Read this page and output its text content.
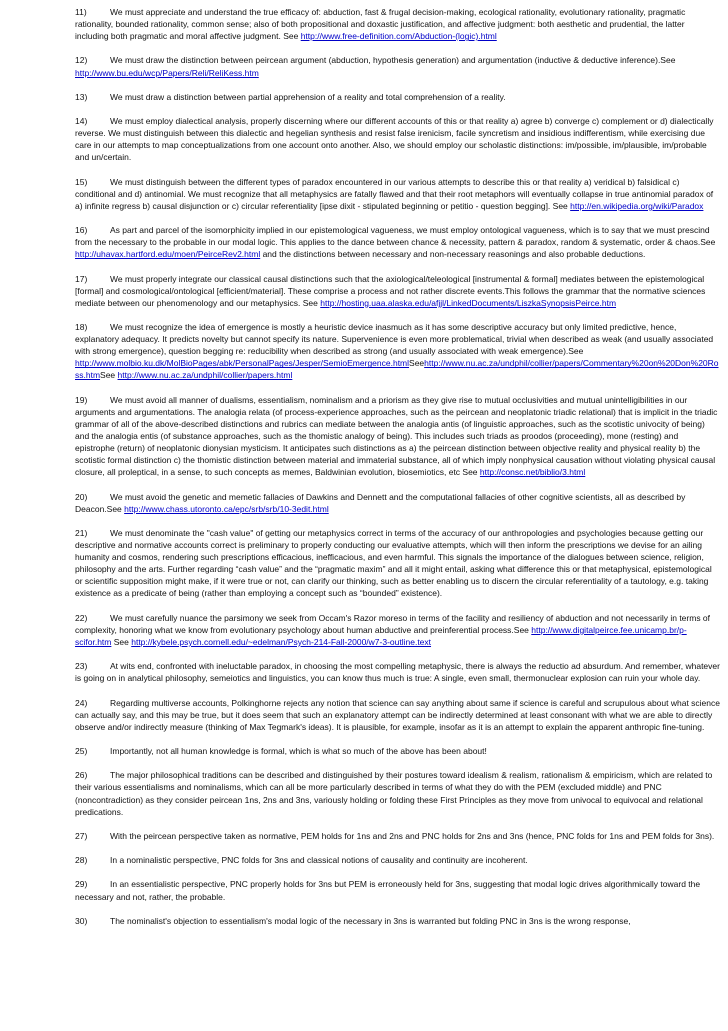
11)	We must appreciate and understand the true efficacy of: abduction, fast & frugal decision-making, ecological rationality, evolutionary rationality, pragmatic rationality, bounded rationality, common sense; also of both propositional and doxastic justification, and affective judgment: both aesthetic and prudential, the latter including both pragmatic and moral affective judgment. See http://www.free-definition.com/Abduction-(logic).html

12)	We must draw the distinction between peircean argument (abduction, hypothesis generation) and argumentation (inductive & deductive inference).See http://www.bu.edu/wcp/Papers/Reli/ReliKess.htm

13)	We must draw a distinction between partial apprehension of a reality and total comprehension of a reality.

14)	We must employ dialectical analysis, properly discerning where our different accounts of this or that reality a) agree b) converge c) complement or d) dialectically reverse. We must distinguish between this dialectic and hegelian synthesis and resist false irenicism, facile syncretism and insidious indifferentism, while exercising due care in our attempts to map conceptualizations from one account onto another. Also, we should employ our scholastic distinctions: im/possible, im/plausible, im/probable and un/certain.

15)	We must distinguish between the different types of paradox encountered in our various attempts to describe this or that reality a) veridical b) falsidical c) conditional and d) antinomial. We must recognize that all metaphysics are fatally flawed and that their root metaphors will eventually collapse in true antinomial paradox of a) infinite regress b) causal disjunction or c) circular referentiality [ipse dixit - stipulated beginning or petitio - question begging]. See http://en.wikipedia.org/wiki/Paradox

16)	As part and parcel of the isomorphicity implied in our epistemological vagueness, we must employ ontological vagueness, which is to say that we must prescind from the necessary to the probable in our modal logic. This applies to the dance between chance & necessity, pattern & paradox, random & systematic, order & chaos.See http://uhavax.hartford.edu/moen/PeirceRev2.html and the distinctions between necessary and non-necessary reasonings and also probable deductions.

17)	We must properly integrate our classical causal distinctions such that the axiological/teleological [instrumental & formal] mediates between the epistemological [formal] and cosmological/ontological [efficient/material]. These comprise a process and not rather discrete events.This follows the grammar that the normative sciences mediate between our phenomenology and our metaphysics. See http://hosting.uaa.alaska.edu/afjjl/LinkedDocuments/LiszkaSynopsisPeirce.htm

18)	We must recognize the idea of emergence is mostly a heuristic device inasmuch as it has some descriptive accuracy but only limited predictive, hence, explanatory adequacy. It predicts novelty but cannot specify its nature. Supervenience is even more problematical, trivial when described as weak (and usually associated with strong emergence), question begging re: reducibility when described as strong (and usually associated with weak emergence).See http://www.molbio.ku.dk/MolBioPages/abk/PersonalPages/Jesper/SemioEmergence.htmlSeehttp://www.nu.ac.za/undphil/collier/papers/Commentary%20on%20Don%20Ross.htmSee http://www.nu.ac.za/undphil/collier/papers.html

19)	We must avoid all manner of dualisms, essentialism, nominalism and a priorism as they give rise to mutual occlusivities and mutual unintelligibilities in our arguments and argumentations. The analogia relata (of process-experience approaches, such as the peircean and neoplatonic triadic relational) that is implicit in the triadic grammar of all of the above-described distinctions and rubrics can mediate between the analogia antis (of linguistic approaches, such as the scotistic univocity of being) and the analogia entis (of substance approaches, such as the thomistic analogy of being). This includes such triads as proodos (proceeding), mone (resting) and epistrophe (return) of neoplatonic dionysian mysticism. It anticipates such distinctions as a) the peircean distinction between objective reality and physical reality b) the scotistic formal distinction c) the thomistic distinction between material and immaterial substance, all of which imply nonphysical causation without violating physical causal closure, all proleptical, in a sense, to such concepts as memes, Baldwinian evolution, biosemiotics, etc See http://consc.net/biblio/3.html

20)	We must avoid the genetic and memetic fallacies of Dawkins and Dennett and the computational fallacies of other cognitive scientists, all as described by Deacon.See http://www.chass.utoronto.ca/epc/srb/srb/10-3edit.html

21)	We must denominate the "cash value" of getting our metaphysics correct in terms of the accuracy of our anthropologies and psychologies because getting our descriptive and normative accounts correct is preliminary to properly conducting our evaluative attempts, which will then inform the prescriptions we devise for an ailing humanity and cosmos, rendering such prescriptions efficacious, inefficacious, and even harmful. This signals the importance of the dialogues between science, religion, philosophy and the arts. Further regarding “cash value” and the “pragmatic maxim” and all it might entail, asking what difference this or that metaphysical, epistemological or scientific supposition might make, if it were true or not, can clarify our thinking, such as better enabling us to discern the circular referentiality of a tautology, e.g. taking existence as a predicate of being (rather than employing a concept such as “bounded” existence).

22)	We must carefully nuance the parsimony we seek from Occam's Razor moreso in terms of the facility and resiliency of abduction and not necessarily in terms of complexity, honoring what we know from evolutionary psychology about human abductive and preinferential process.See http://www.digitalpeirce.fee.unicamp.br/p-scifor.htm See http://kybele.psych.cornell.edu/~edelman/Psych-214-Fall-2000/w7-3-outline.text

23)	At wits end, confronted with ineluctable paradox, in choosing the most compelling metaphysic, there is always the reductio ad absurdum. And remember, whatever is going on in analytical philosophy, semeiotics and linguistics, you can know thus much is true: A single, even small, thermonuclear explosion can ruin your whole day.

24)	Regarding multiverse accounts, Polkinghorne rejects any notion that science can say anything about same if science is careful and scrupulous about what science can actually say, and this may be true, but it does seem that such an explanatory attempt can be indirectly determined at least consonant with what we are able to directly observe and/or indirectly measure (thinking of Max Tegmark's ideas). It is plausible, for example, insofar as it is an attempt to explain the apparent anthropic fine-tuning.

25)	Importantly, not all human knowledge is formal, which is what so much of the above has been about!

26)	The major philosophical traditions can be described and distinguished by their postures toward idealism & realism, rationalism & empiricism, which are related to their various essentialisms and nominalisms, which can all be more particularly described in terms of what they do with the PEM (excluded middle) and PNC (noncontradiction) as they consider peircean 1ns, 2ns and 3ns, variously holding or folding these First Principles as they move from univocal to equivocal and relational predications.

27)	With the peircean perspective taken as normative, PEM holds for 1ns and 2ns and PNC holds for 2ns and 3ns (hence, PNC folds for 1ns and PEM folds for 3ns).

28)	In a nominalistic perspective, PNC folds for 3ns and classical notions of causality and continuity are incoherent.

29)	In an essentialistic perspective, PNC properly holds for 3ns but PEM is erroneously held for 3ns, suggesting that modal logic drives algorithmically toward the necessary and not, rather, the probable.

30)	The nominalist's objection to essentialism's modal logic of the necessary in 3ns is warranted but folding PNC in 3ns is the wrong response,
